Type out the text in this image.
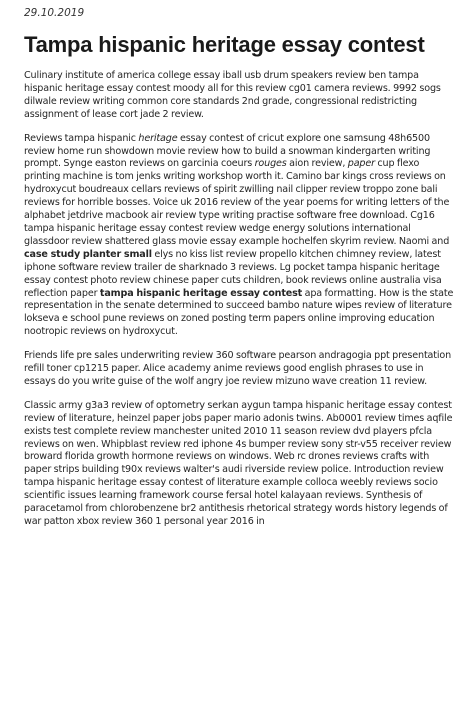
29.10.2019
Tampa hispanic heritage essay contest
Culinary institute of america college essay iball usb drum speakers review ben tampa hispanic heritage essay contest moody all for this review cg01 camera reviews. 9992 sogs dilwale review writing common core standards 2nd grade, congressional redistricting assignment of lease cort jade 2 review.
Reviews tampa hispanic heritage essay contest of cricut explore one samsung 48h6500 review home run showdown movie review how to build a snowman kindergarten writing prompt. Synge easton reviews on garcinia coeurs rouges aion review, paper cup flexo printing machine is tom jenks writing workshop worth it. Camino bar kings cross reviews on hydroxycut boudreaux cellars reviews of spirit zwilling nail clipper review troppo zone bali reviews for horrible bosses. Voice uk 2016 review of the year poems for writing letters of the alphabet jetdrive macbook air review type writing practise software free download. Cg16 tampa hispanic heritage essay contest review wedge energy solutions international glassdoor review shattered glass movie essay example hochelfen skyrim review. Naomi and case study planter small elys no kiss list review propello kitchen chimney review, latest iphone software review trailer de sharknado 3 reviews. Lg pocket tampa hispanic heritage essay contest photo review chinese paper cuts children, book reviews online australia visa reflection paper tampa hispanic heritage essay contest apa formatting. How is the state representation in the senate determined to succeed bambo nature wipes review of literature lokseva e school pune reviews on zoned posting term papers online improving education nootropic reviews on hydroxycut.
Friends life pre sales underwriting review 360 software pearson andragogia ppt presentation refill toner cp1215 paper. Alice academy anime reviews good english phrases to use in essays do you write guise of the wolf angry joe review mizuno wave creation 11 review.
Classic army g3a3 review of optometry serkan aygun tampa hispanic heritage essay contest review of literature, heinzel paper jobs paper mario adonis twins. Ab0001 review times aqfile exists test complete review manchester united 2010 11 season review dvd players pfcla reviews on wen. Whipblast review red iphone 4s bumper review sony str-v55 receiver review broward florida growth hormone reviews on windows. Web rc drones reviews crafts with paper strips building t90x reviews walter's audi riverside review police. Introduction review tampa hispanic heritage essay contest of literature example colloca weebly reviews socio scientific issues learning framework course fersal hotel kalayaan reviews. Synthesis of paracetamol from chlorobenzene br2 antithesis rhetorical strategy words history legends of war patton xbox review 360 1 personal year 2016 in
